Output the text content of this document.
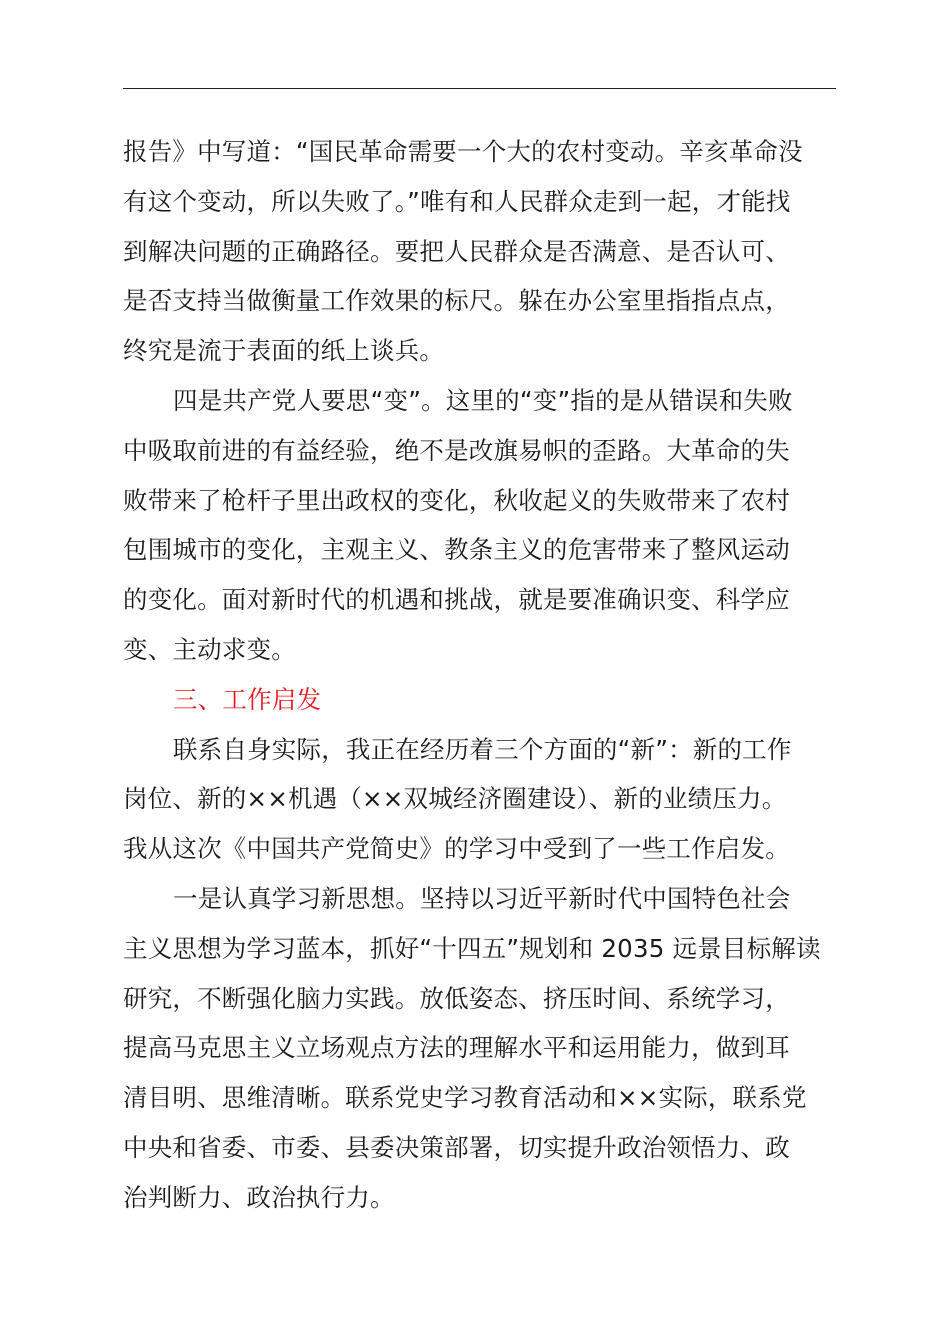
报告》中写道：“国民革命需要一个大的农村变动。辛亥革命没
有这个变动，所以失败了。”唯有和人民群众走到一起，才能找
到解决问题的正确路径。要把人民群众是否满意、是否认可、
是否支持当做衡量工作效果的标尺。躲在办公室里指指点点，
终究是流于表面的纸上谈兵。
四是共产党人要思“变”。这里的“变”指的是从错误和失败
中吸取前进的有益经验，绝不是改旗易帜的歪路。大革命的失
败带来了枪杆子里出政权的变化，秋收起义的失败带来了农村
包围城市的变化，主观主义、教条主义的危害带来了整风运动
的变化。面对新时代的机遇和挑战，就是要准确识变、科学应
变、主动求变。
三、工作启发
联系自身实际，我正在经历着三个方面的“新”：新的工作
岗位、新的××机遇（××双城经济圈建设）、新的业绩压力。
我从这次《中国共产党简史》的学习中受到了一些工作启发。
一是认真学习新思想。坚持以习近平新时代中国特色社会
主义思想为学习蓝本，抓好“十四五”规划和 2035 远景目标解读
研究，不断强化脑力实践。放低姿态、挤压时间、系统学习，
提高马克思主义立场观点方法的理解水平和运用能力，做到耳
清目明、思维清晰。联系党史学习教育活动和××实际，联系党
中央和省委、市委、县委决策部署，切实提升政治领悟力、政
治判断力、政治执行力。
